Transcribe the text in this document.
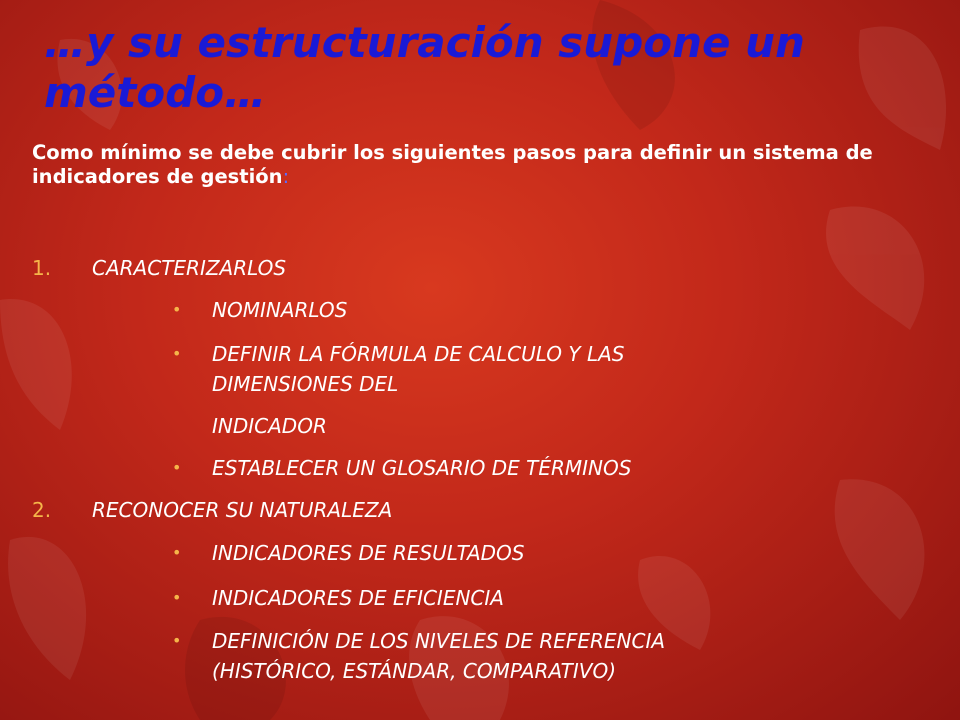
…y su estructuración supone un método…

Como mínimo se debe cubrir los siguientes pasos para definir un sistema de indicadores de gestión:

1. CARACTERIZARLOS
• NOMINARLOS
• DEFINIR LA FÓRMULA DE CALCULO Y LAS
DIMENSIONES DEL
INDICADOR
• ESTABLECER UN GLOSARIO DE TÉRMINOS
2. RECONOCER SU NATURALEZA
• INDICADORES DE RESULTADOS
• INDICADORES DE EFICIENCIA
• DEFINICIÓN DE LOS NIVELES DE REFERENCIA
(HISTÓRICO, ESTÁNDAR, COMPARATIVO)
